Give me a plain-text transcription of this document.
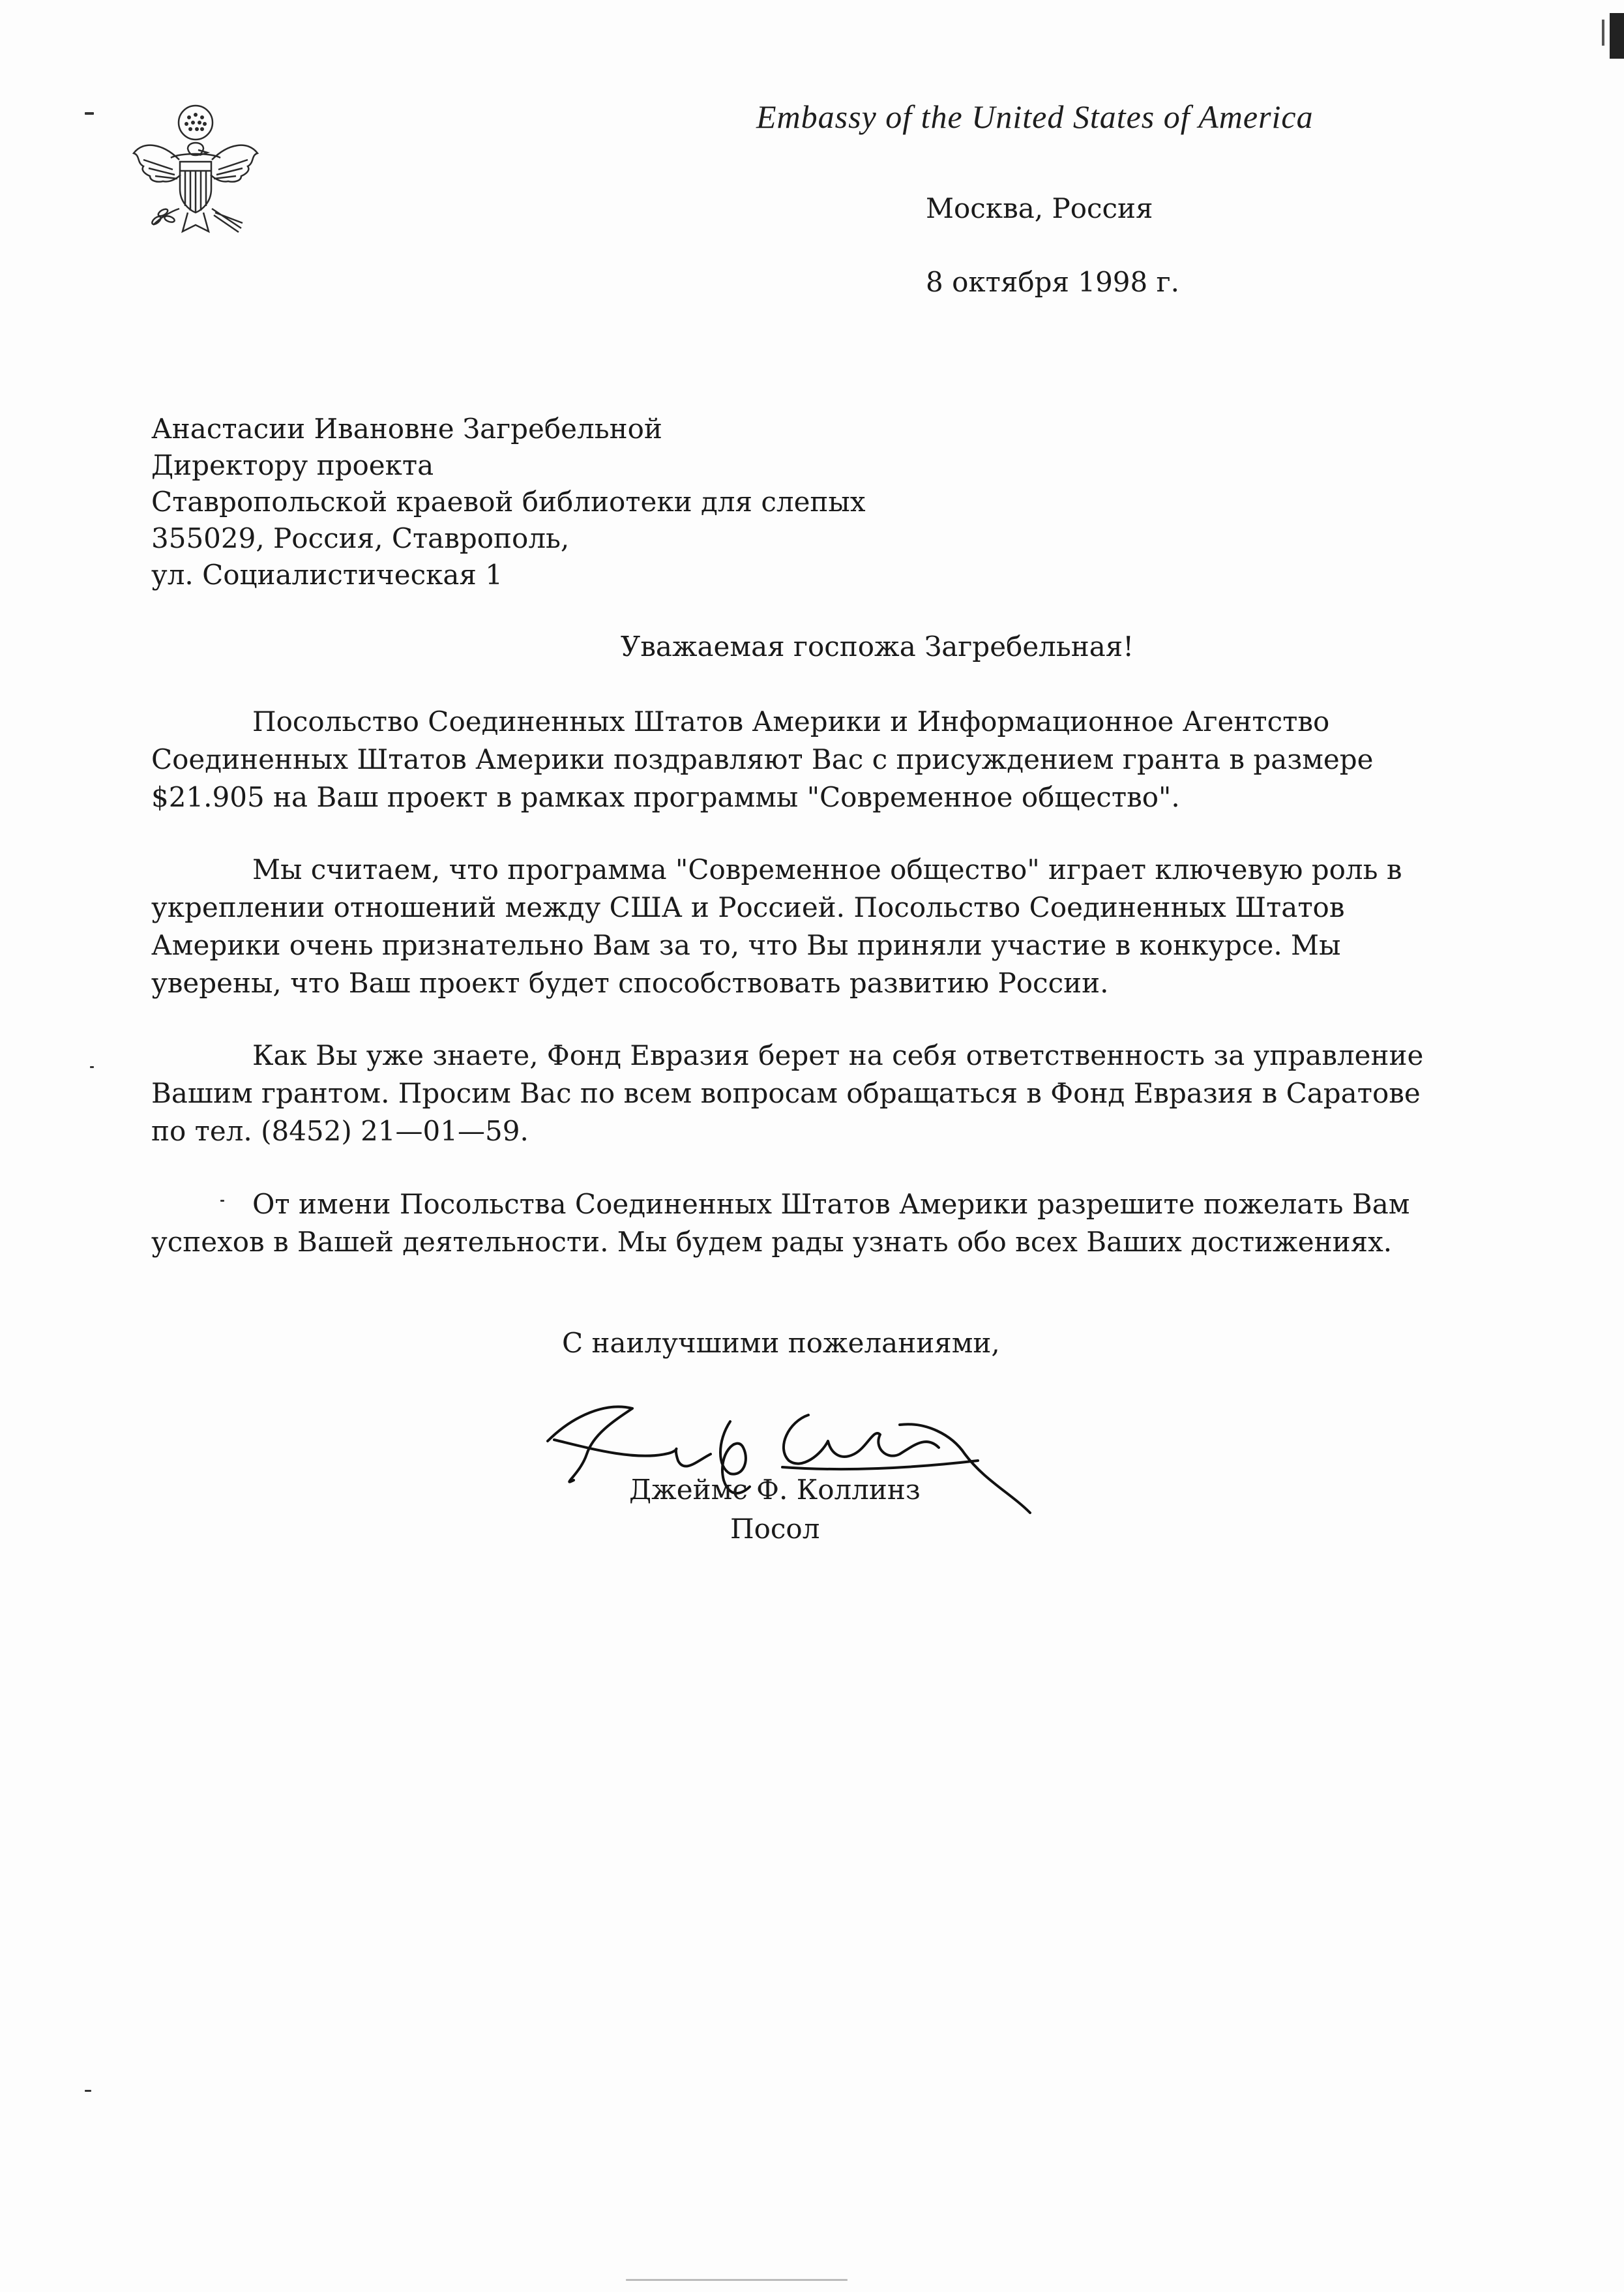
Embassy of the United States of America
Москва, Россия
8 октября 1998 г.
Анастасии Ивановне Загребельной
Директору проекта
Ставропольской краевой библиотеки для слепых
355029, Россия, Ставрополь,
ул. Социалистическая 1
Уважаемая госпожа Загребельная!

Посольство Соединенных Штатов Америки и Информационное Агентство Соединенных Штатов Америки поздравляют Вас с присуждением гранта в размере $21.905 на Ваш проект в рамках программы "Современное общество".

Мы считаем, что программа "Современное общество" играет ключевую роль в укреплении отношений между США и Россией. Посольство Соединенных Штатов Америки очень признательно Вам за то, что Вы приняли участие в конкурсе. Мы уверены, что Ваш проект будет способствовать развитию России.

Как Вы уже знаете, Фонд Евразия берет на себя ответственность за управление Вашим грантом. Просим Вас по всем вопросам обращаться в Фонд Евразия в Саратове по тел. (8452) 21—01—59.

От имени Посольства Соединенных Штатов Америки разрешите пожелать Вам успехов в Вашей деятельности. Мы будем рады узнать обо всех Ваших достижениях.

С наилучшими пожеланиями,
Джеймс Ф. Коллинз
Посол
